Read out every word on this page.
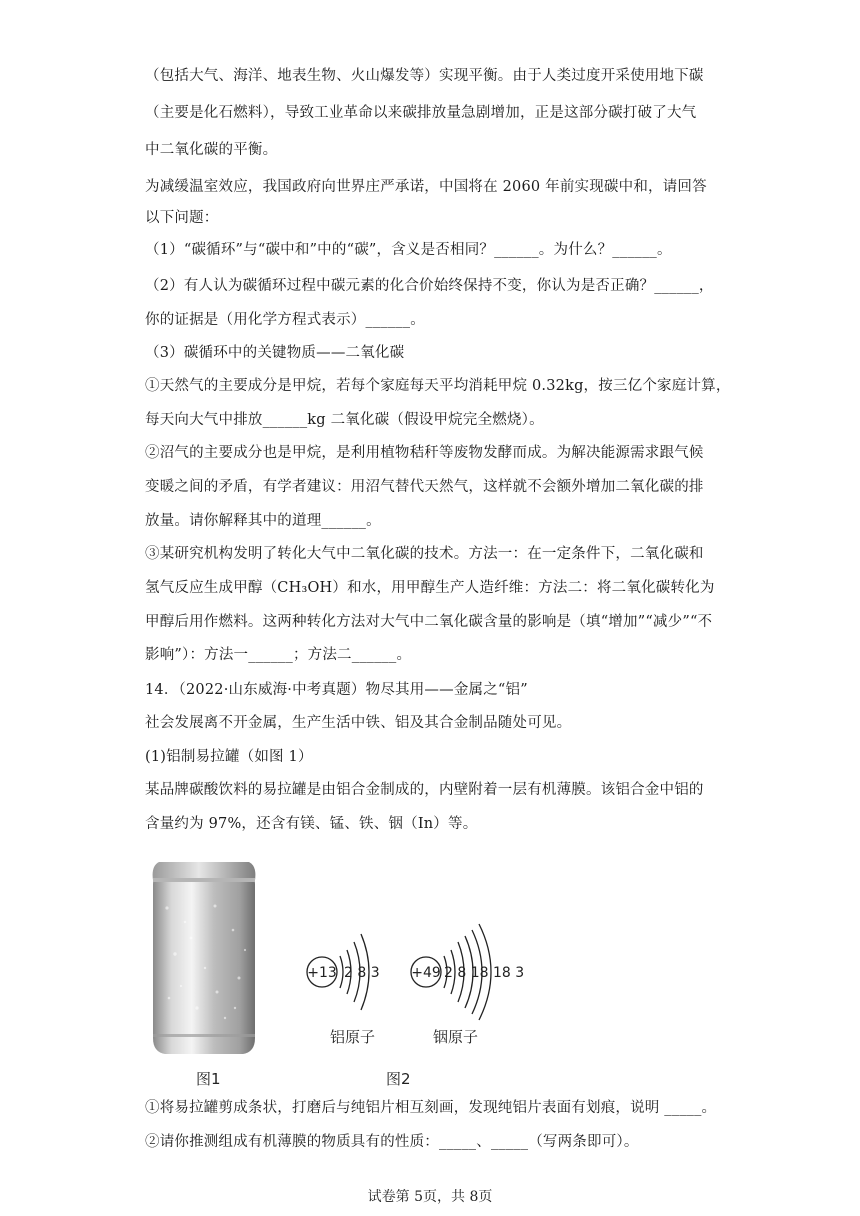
（包括大气、海洋、地表生物、火山爆发等）实现平衡。由于人类过度开采使用地下碳
（主要是化石燃料），导致工业革命以来碳排放量急剧增加，正是这部分碳打破了大气
中二氧化碳的平衡。
为减缓温室效应，我国政府向世界庄严承诺，中国将在 2060 年前实现碳中和，请回答
以下问题：
（1）“碳循环”与“碳中和”中的“碳”，含义是否相同？______。为什么？______。
（2）有人认为碳循环过程中碳元素的化合价始终保持不变，你认为是否正确？______，
你的证据是（用化学方程式表示）______。
（3）碳循环中的关键物质——二氧化碳
①天然气的主要成分是甲烷，若每个家庭每天平均消耗甲烷 0.32kg，按三亿个家庭计算，
每天向大气中排放______kg 二氧化碳（假设甲烷完全燃烧）。
②沼气的主要成分也是甲烷，是利用植物秸秆等废物发酵而成。为解决能源需求跟气候
变暖之间的矛盾，有学者建议：用沼气替代天然气，这样就不会额外增加二氧化碳的排
放量。请你解释其中的道理______。
③某研究机构发明了转化大气中二氧化碳的技术。方法一：在一定条件下，二氧化碳和
氢气反应生成甲醇（CH₃OH）和水，用甲醇生产人造纤维：方法二：将二氧化碳转化为
甲醇后用作燃料。这两种转化方法对大气中二氧化碳含量的影响是（填“增加”“减少”“不
影响”）：方法一______；方法二______。
14．（2022·山东威海·中考真题）物尽其用——金属之“铝”
社会发展离不开金属，生产生活中铁、铝及其合金制品随处可见。
(1)铝制易拉罐（如图 1）
某品牌碳酸饮料的易拉罐是由铝合金制成的，内壁附着一层有机薄膜。该铝合金中铝的
含量约为 97%，还含有镁、锰、铁、铟（In）等。
+13 2 8 3 +49 2 8 18 18 3
铝原子	铟原子
图1	图2
①将易拉罐剪成条状，打磨后与纯铝片相互刻画，发现纯铝片表面有划痕，说明 _____。
②请你推测组成有机薄膜的物质具有的性质：_____、_____（写两条即可）。
试卷第 5页，共 8页
